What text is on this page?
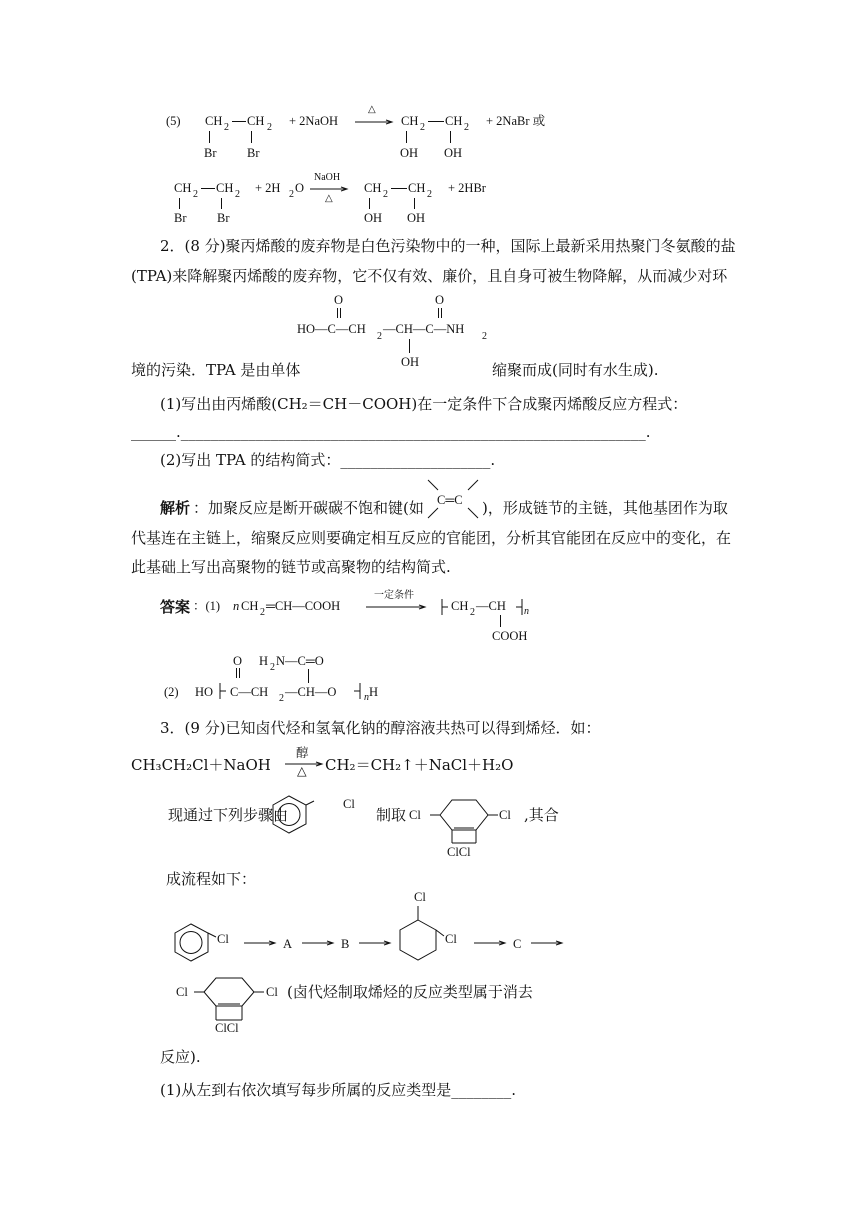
(5) CH 2 CH 2
Br Br
+ 2NaOH
△
→ CH 2 CH 2
OH OH
+ 2NaBr 或
CH 2 CH 2
Br Br
+ 2H 2 O
NaOH
△
CH 2 CH 2
OH OH
+ 2HBr
2．(8 分)聚丙烯酸的废弃物是白色污染物中的一种，国际上最新采用热聚门冬氨酸的盐
(TPA)来降解聚丙烯酸的废弃物，它不仅有效、廉价，且自身可被生物降解，从而减少对环
O	O
HO—C—CH
2
—CH—C—NH
2
OH
境的污染．TPA 是由单体	缩聚而成(同时有水生成).
(1)写出由丙烯酸(CH₂＝CH－COOH)在一定条件下合成聚丙烯酸反应方程式：
______.______________________________________________________________.
(2)写出 TPA 的结构简式：____________________.
解析 ：加聚反应是断开碳碳不饱和键(如 C═C )，形成链节的主链，其他基团作为取
代基连在主链上，缩聚反应则要确定相互反应的官能团，分析其官能团在反应中的变化，在
此基础上写出高聚物的链节或高聚物的结构简式.
答案 ：(1) n CH 2 ═CH—COOH
一定条件
→ CH 2 —CH n
COOH
O H 2 N—C═O
(2) HO C—CH 2 —CH—O	n H
3．(9 分)已知卤代烃和氢氧化钠的醇溶液共热可以得到烯烃．如：
CH₃CH₂Cl＋NaOH
醇
△ CH₂＝CH₂↑＋NaCl＋H₂O
现通过下列步骤由
Cl
制取 Cl	Cl ,其合
ClCl
成流程如下：
Cl	A	B
Cl
Cl	C
Cl	Cl (卤代烃制取烯烃的反应类型属于消去
ClCl
反应).
(1)从左到右依次填写每步所属的反应类型是________.
